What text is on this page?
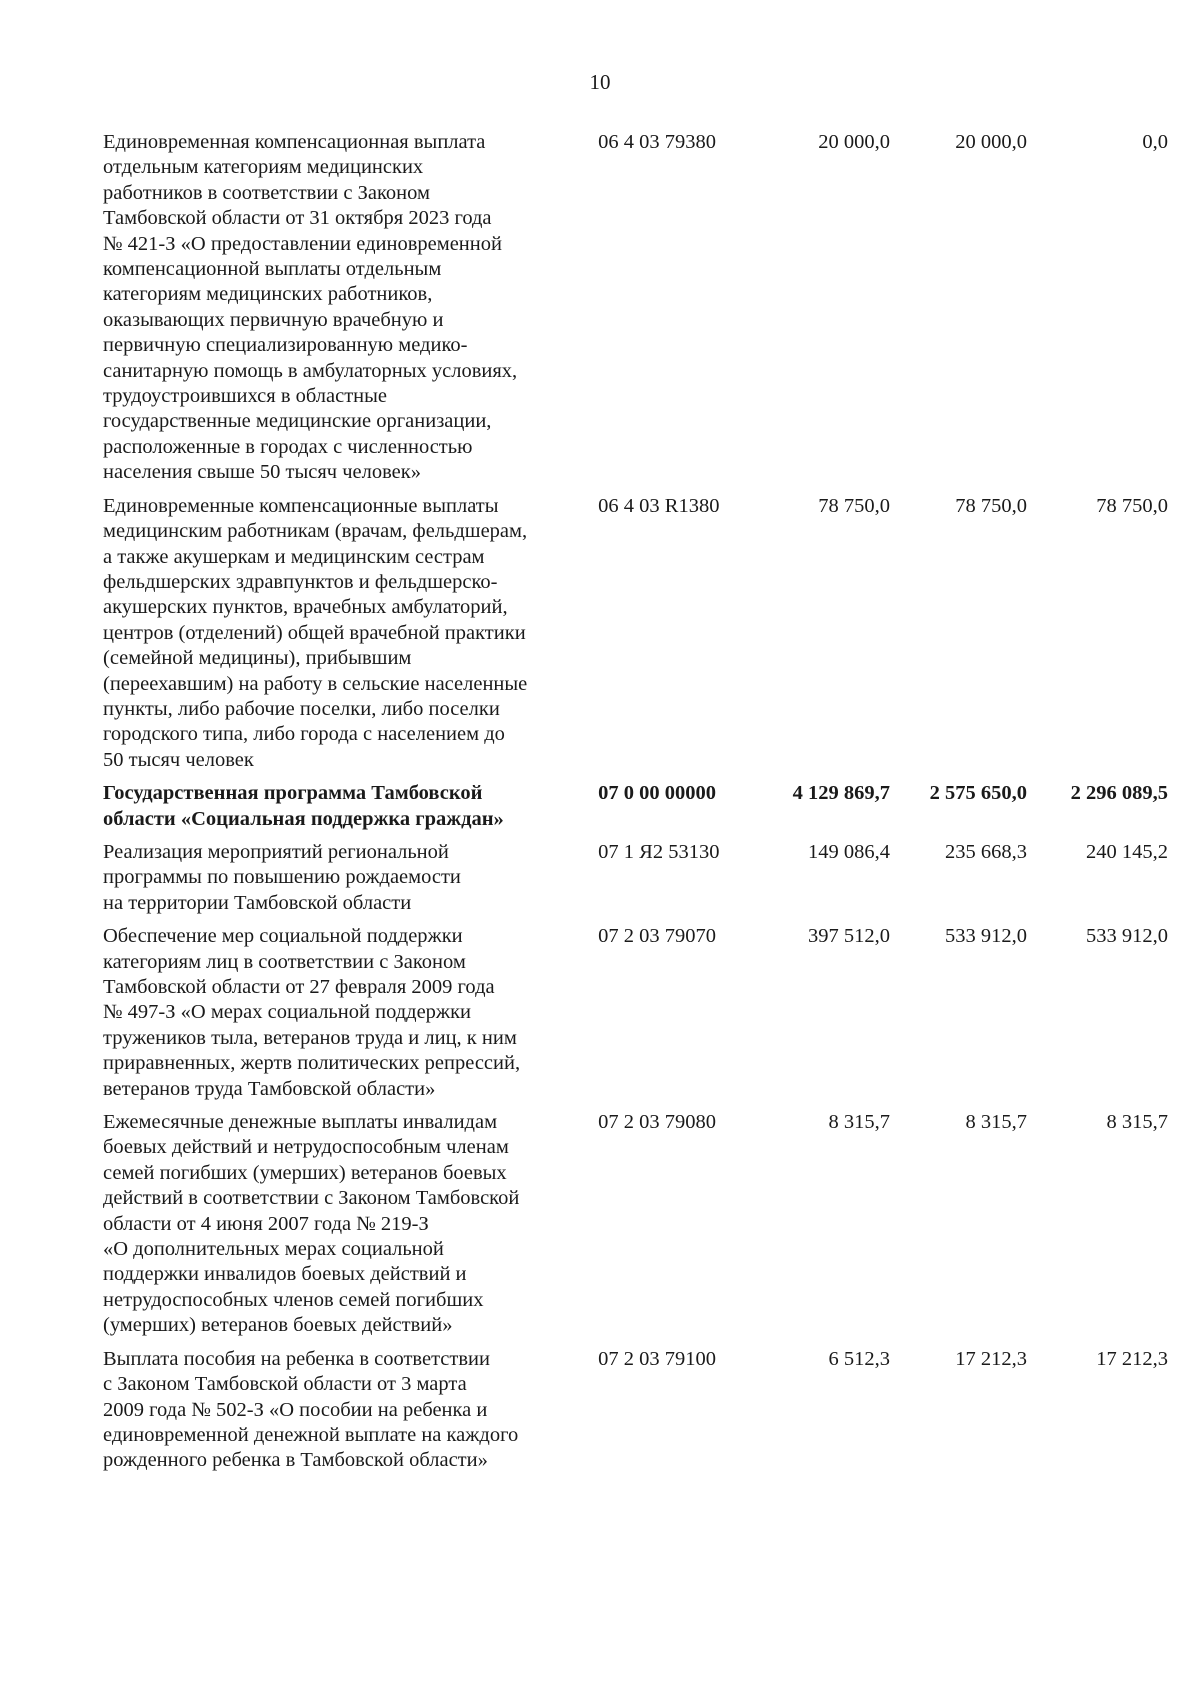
10
Единовременная компенсационная выплата
отдельным категориям медицинских
работников в соответствии с Законом
Тамбовской области от 31 октября 2023 года
№ 421-З «О предоставлении единовременной
компенсационной выплаты отдельным
категориям медицинских работников,
оказывающих первичную врачебную и
первичную специализированную медико-
санитарную помощь в амбулаторных условиях,
трудоустроившихся в областные
государственные медицинские организации,
расположенные в городах с численностью
населения свыше 50 тысяч человек»
06 4 03 79380	20 000,0	20 000,0	0,0
Единовременные компенсационные выплаты
медицинским работникам (врачам, фельдшерам,
а также акушеркам и медицинским сестрам
фельдшерских здравпунктов и фельдшерско-
акушерских пунктов, врачебных амбулаторий,
центров (отделений) общей врачебной практики
(семейной медицины), прибывшим
(переехавшим) на работу в сельские населенные
пункты, либо рабочие поселки, либо поселки
городского типа, либо города с населением до
50 тысяч человек
06 4 03 R1380	78 750,0	78 750,0	78 750,0
Государственная программа Тамбовской
области «Социальная поддержка граждан»
07 0 00 00000	4 129 869,7	2 575 650,0	2 296 089,5
Реализация мероприятий региональной
программы по повышению рождаемости
на территории Тамбовской области
07 1 Я2 53130	149 086,4	235 668,3	240 145,2
Обеспечение мер социальной поддержки
категориям лиц в соответствии с Законом
Тамбовской области от 27 февраля 2009 года
№ 497-З «О мерах социальной поддержки
тружеников тыла, ветеранов труда и лиц, к ним
приравненных, жертв политических репрессий,
ветеранов труда Тамбовской области»
07 2 03 79070	397 512,0	533 912,0	533 912,0
Ежемесячные денежные выплаты инвалидам
боевых действий и нетрудоспособным членам
семей погибших (умерших) ветеранов боевых
действий в соответствии с Законом Тамбовской
области от 4 июня 2007 года № 219-З
«О дополнительных мерах социальной
поддержки инвалидов боевых действий и
нетрудоспособных членов семей погибших
(умерших) ветеранов боевых действий»
07 2 03 79080	8 315,7	8 315,7	8 315,7
Выплата пособия на ребенка в соответствии
с Законом Тамбовской области от 3 марта
2009 года № 502-З «О пособии на ребенка и
единовременной денежной выплате на каждого
рожденного ребенка в Тамбовской области»
07 2 03 79100	6 512,3	17 212,3	17 212,3
